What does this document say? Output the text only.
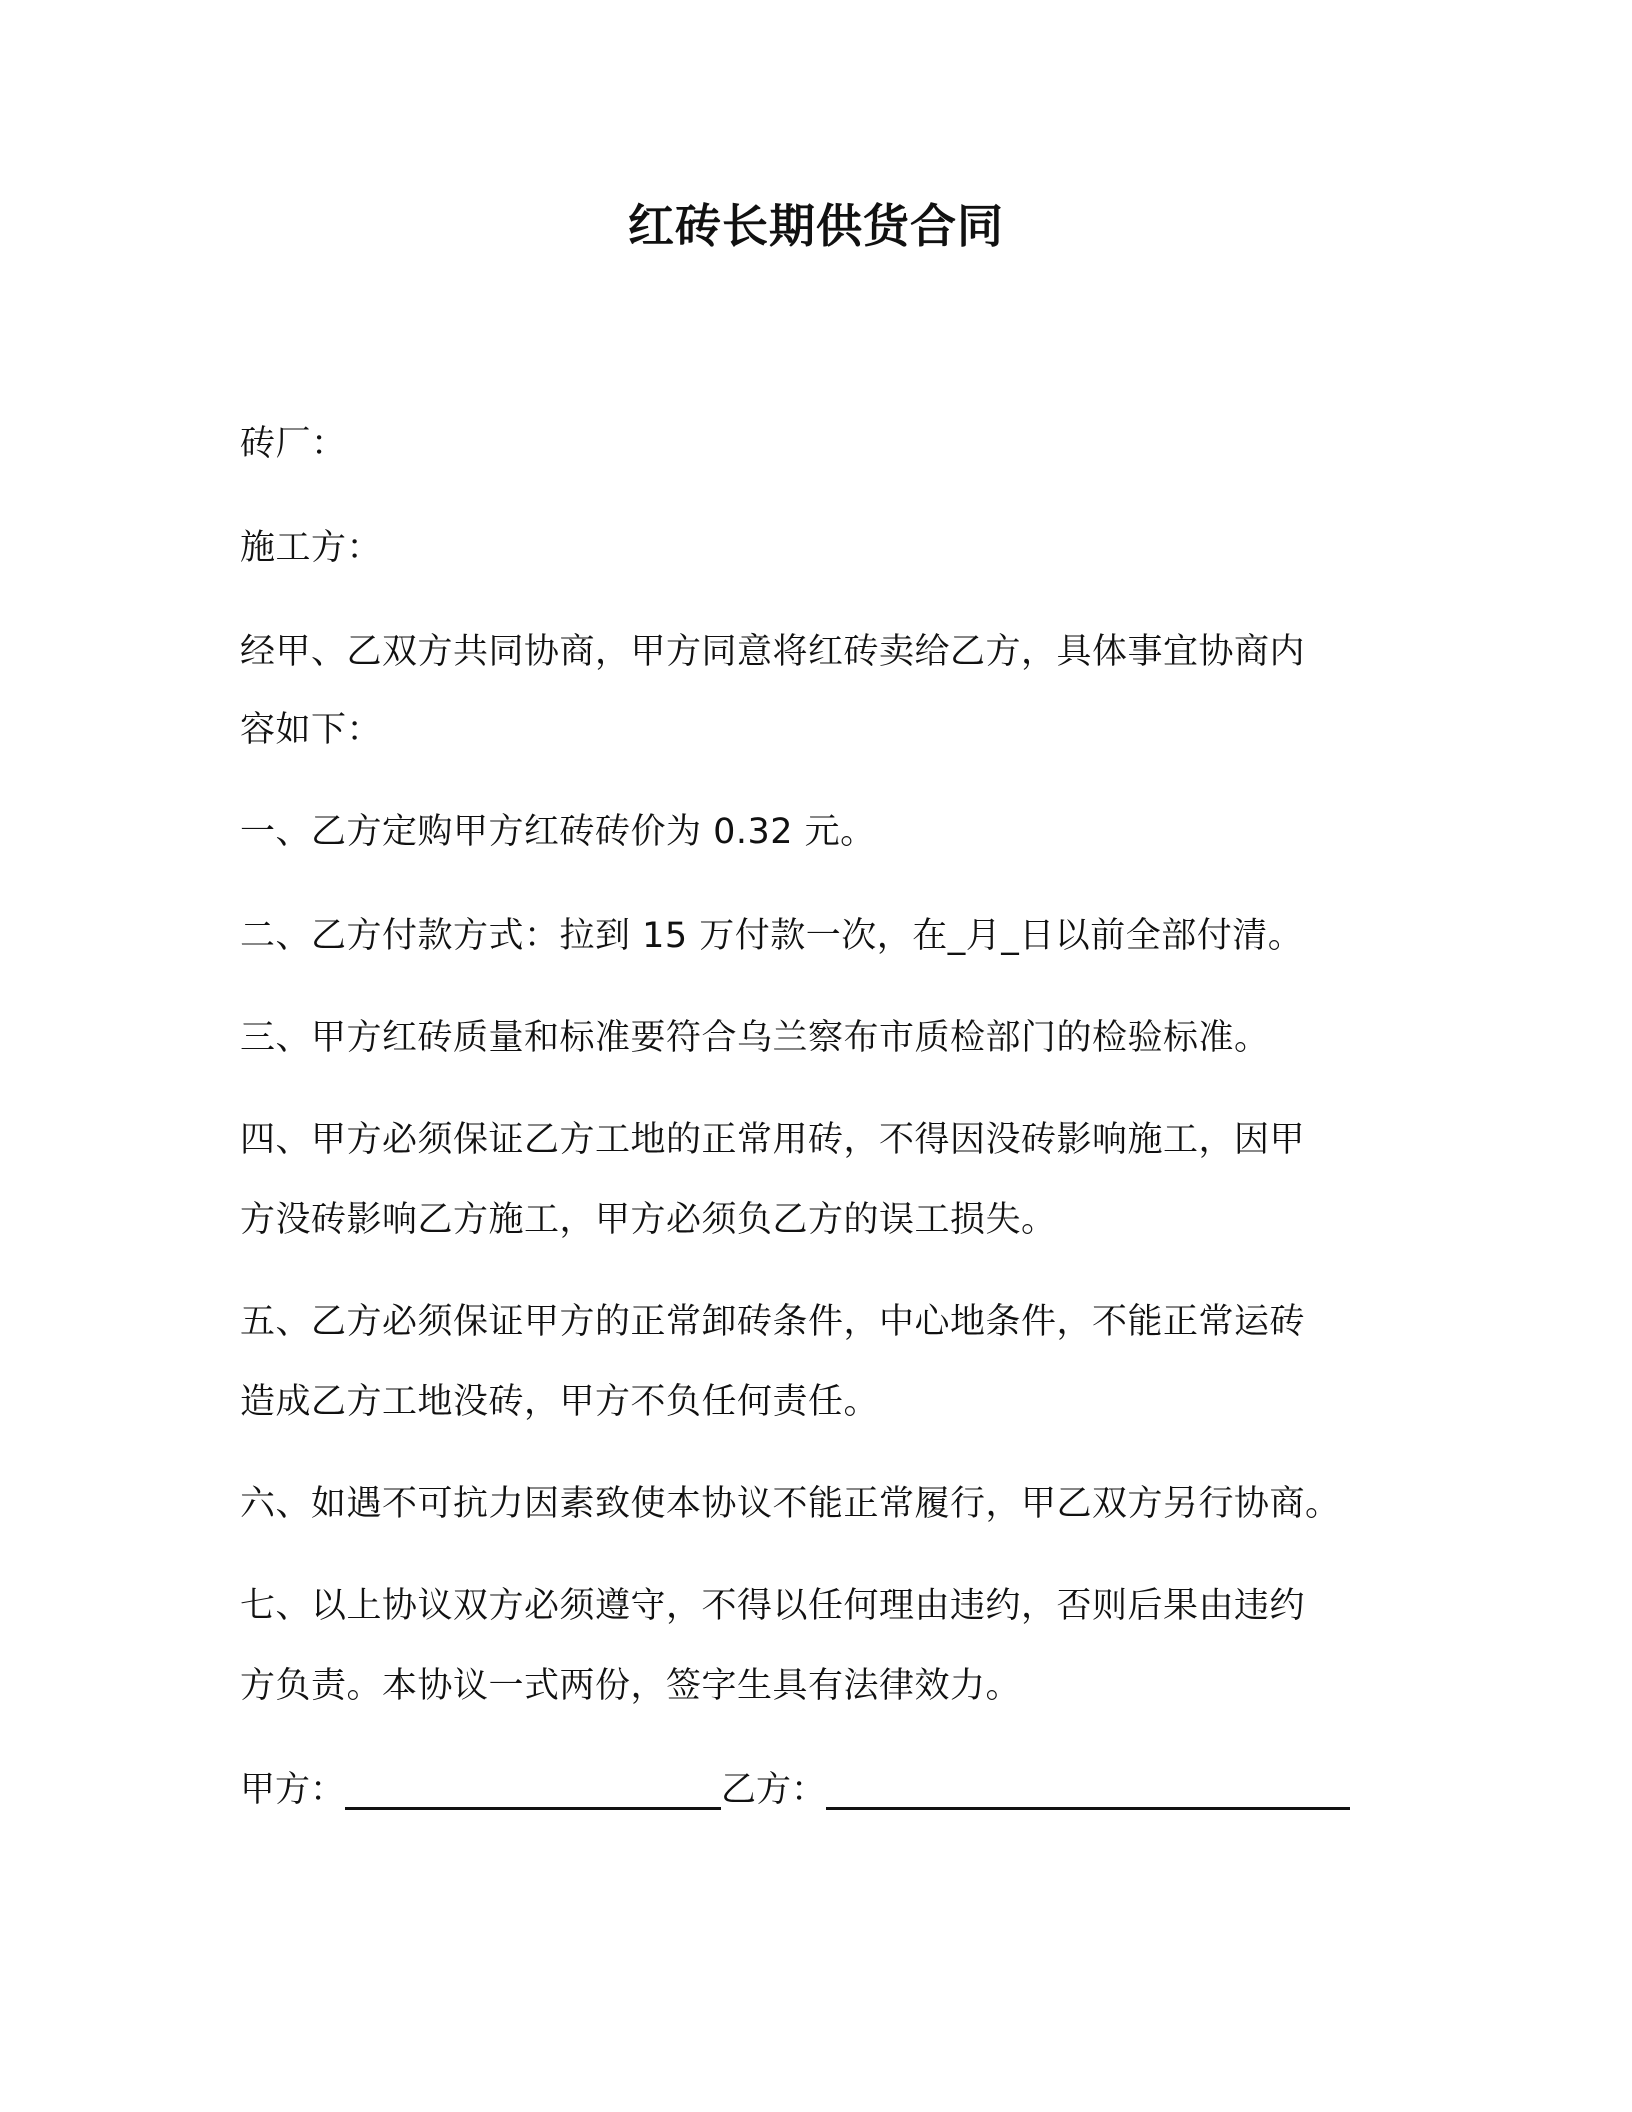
红砖长期供货合同
砖厂：
施工方：
经甲、乙双方共同协商，甲方同意将红砖卖给乙方，具体事宜协商内
容如下：
一、乙方定购甲方红砖砖价为 0.32 元。
二、乙方付款方式：拉到 15 万付款一次，在_月_日以前全部付清。
三、甲方红砖质量和标准要符合乌兰察布市质检部门的检验标准。
四、甲方必须保证乙方工地的正常用砖，不得因没砖影响施工，因甲
方没砖影响乙方施工，甲方必须负乙方的误工损失。
五、乙方必须保证甲方的正常卸砖条件，中心地条件，不能正常运砖
造成乙方工地没砖，甲方不负任何责任。
六、如遇不可抗力因素致使本协议不能正常履行，甲乙双方另行协商。
七、以上协议双方必须遵守，不得以任何理由违约，否则后果由违约
方负责。本协议一式两份，签字生具有法律效力。
甲方：	乙方：
